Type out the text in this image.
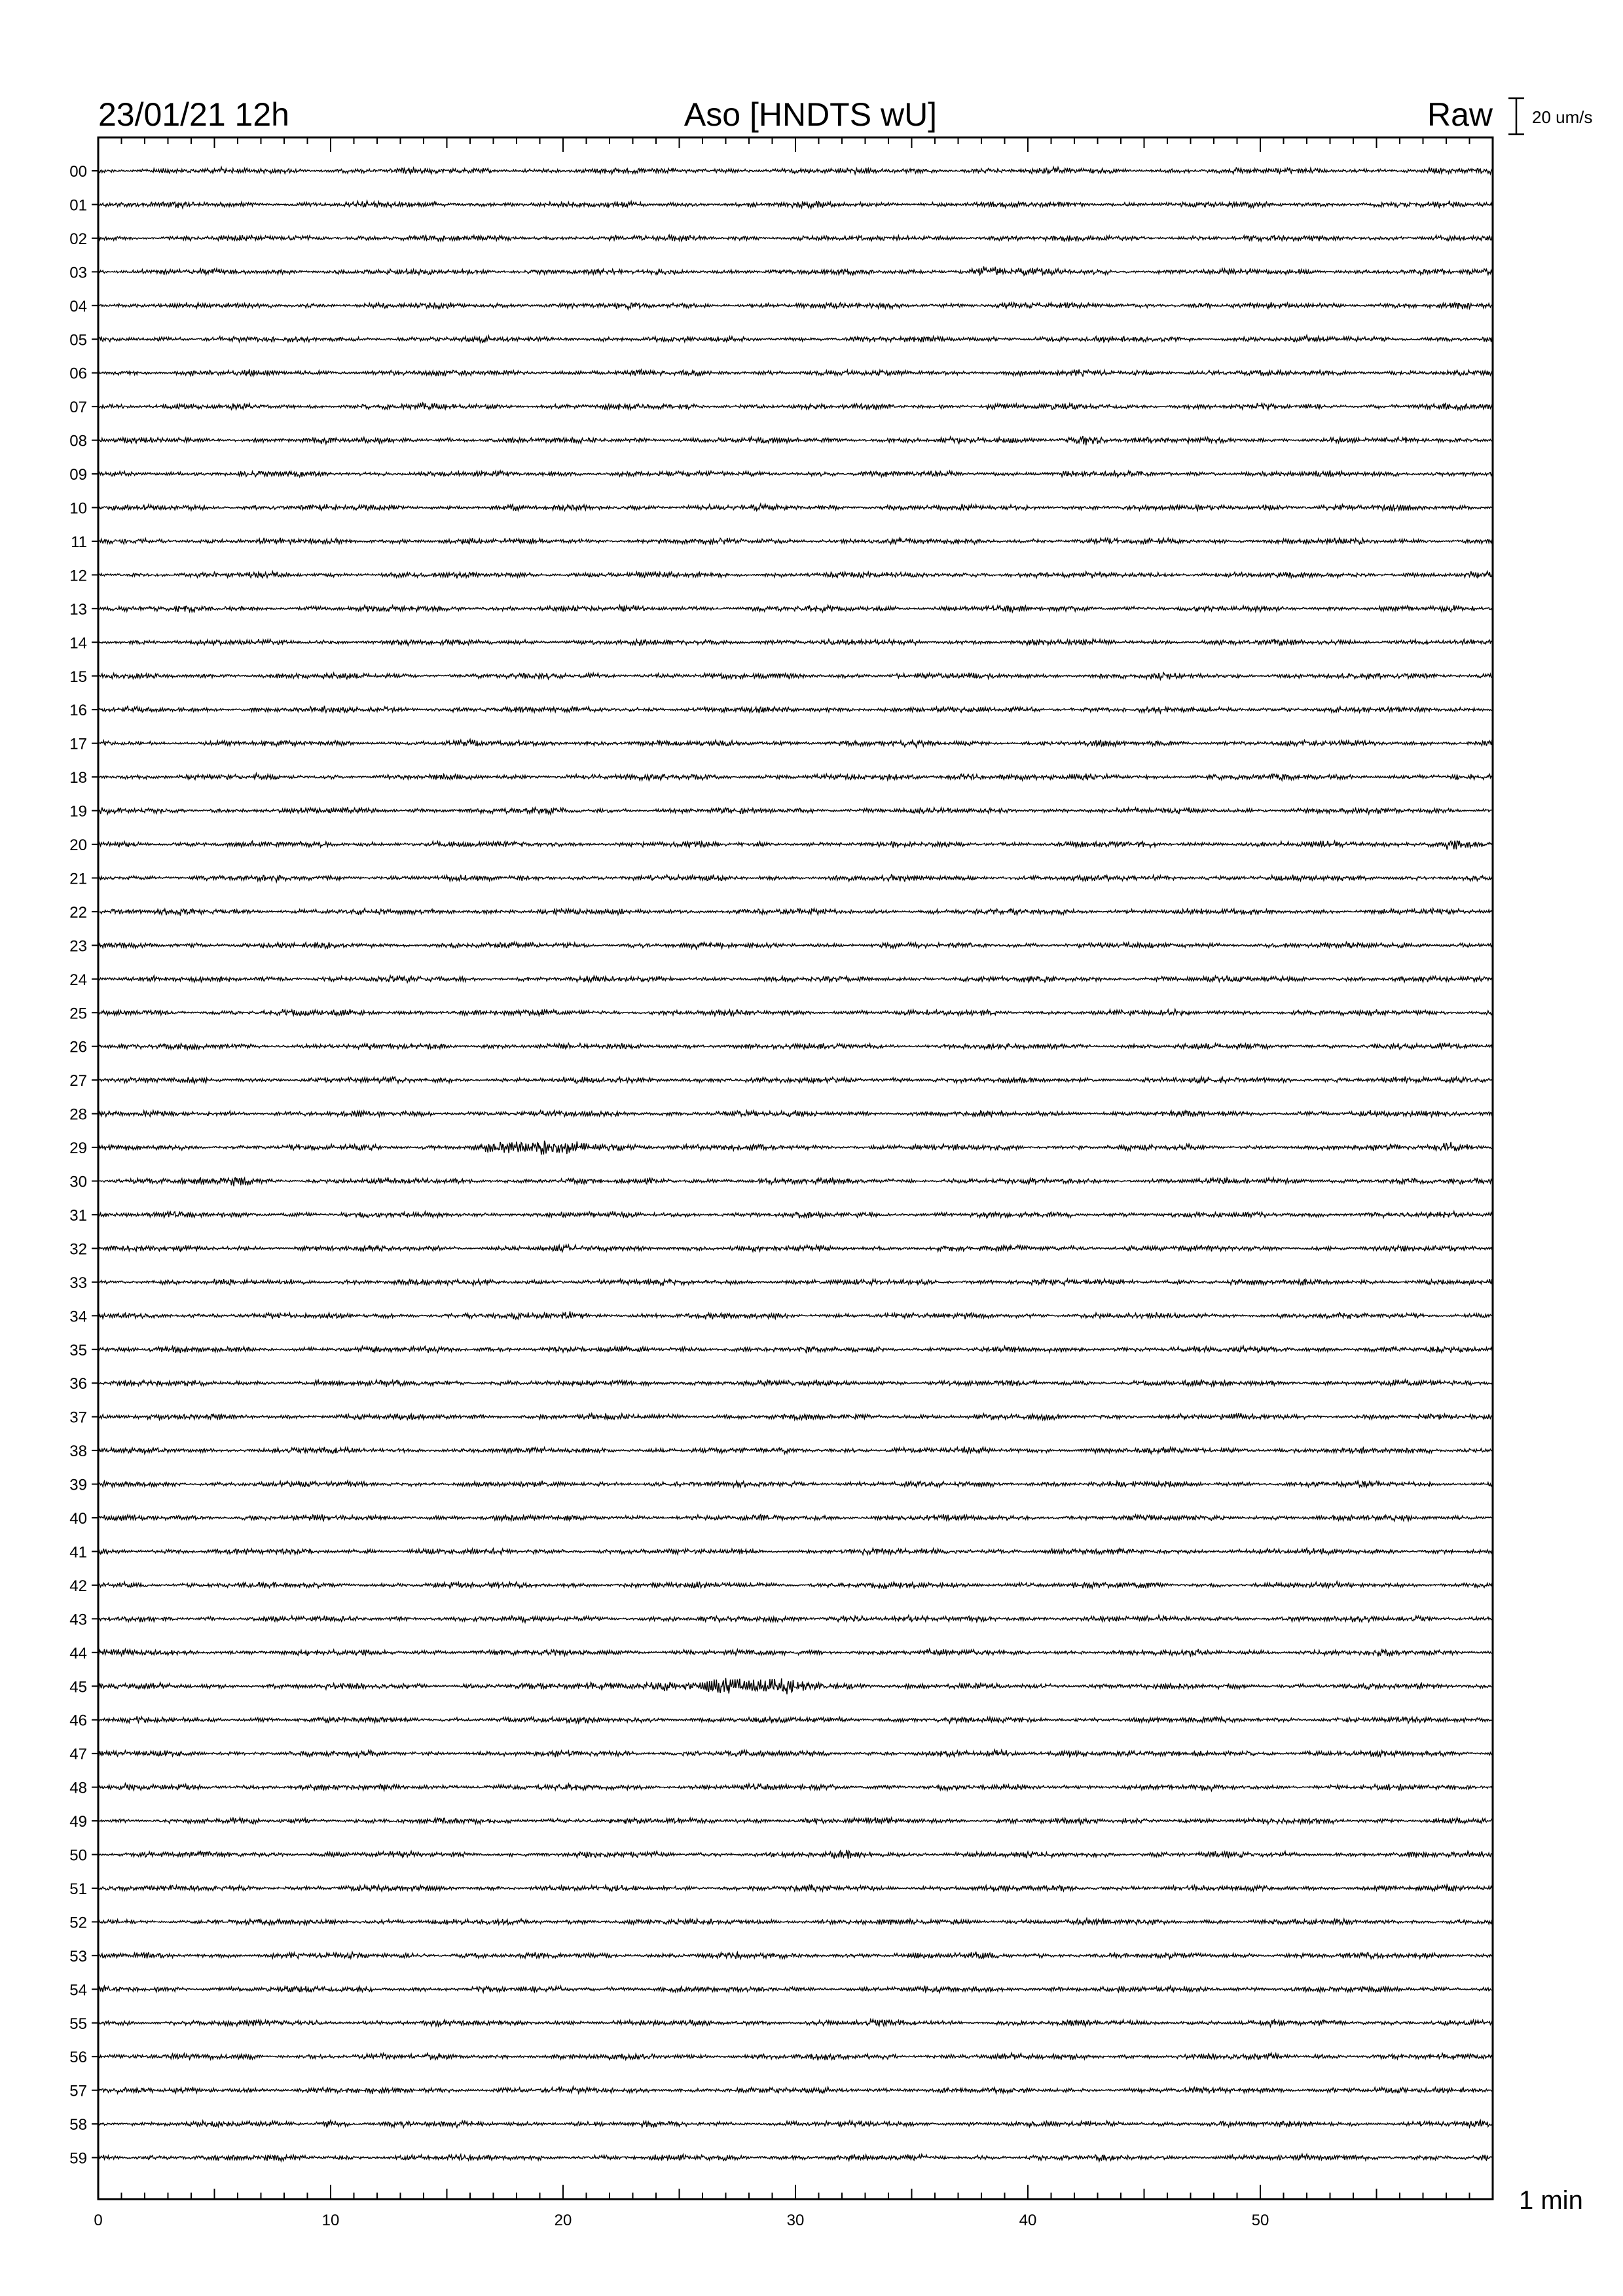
0	10	20	30	40	50
00
01
02
03
04
05
06
07
08
09
10
11
12
13
14
15
16
17
18
19
20
21
22
23
24
25
26
27
28
29
30
31
32
33
34
35
36
37
38
39
40
41
42
43
44
45
46
47
48
49
50
51
52
53
54
55
56
57
58
59
23/01/21 12h	Aso [HNDTS wU]	Raw 20 um/s
1 min
